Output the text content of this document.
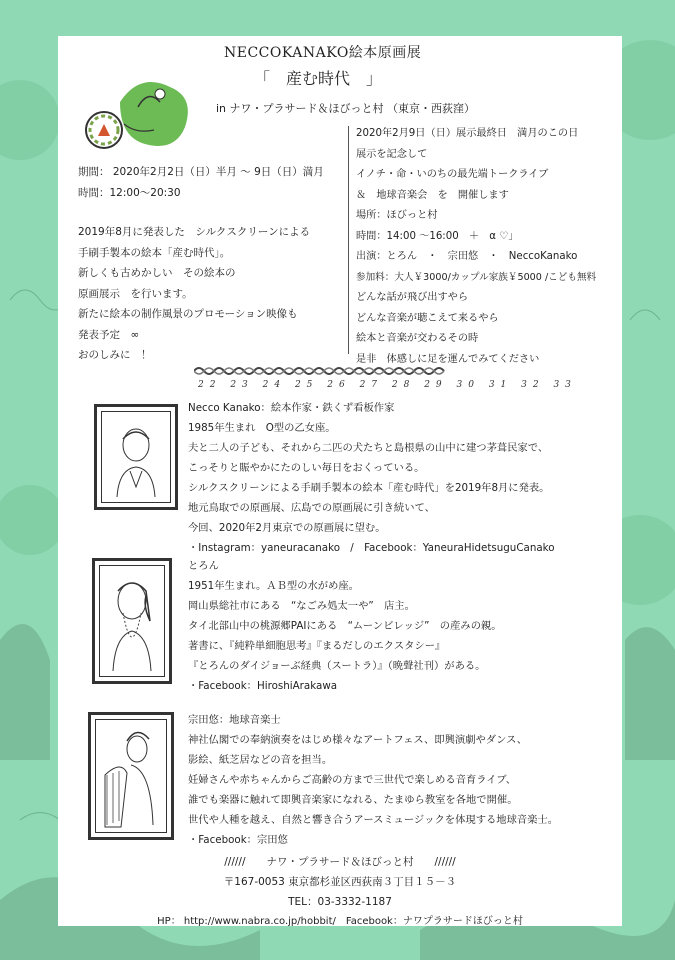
NECCOKANAKO絵本原画展
「　産む時代　」
in ナワ・プラサード＆ほびっと村 （東京・西荻窪）
期間： 2020年2月2日（日）半月 〜 9日（日）満月
時間：12:00〜20:30
2019年8月に発表した　シルクスクリーンによる
手刷手製本の絵本「産む時代」。
新しくも古めかしい　その絵本の
原画展示　を行います。
新たに絵本の制作風景のプロモーション映像も
発表予定　∞
おのしみに　！
2020年2月9日（日）展示最終日　満月のこの日
展示を記念して
イノチ・命・いのちの最先端トークライブ
＆　地球音楽会　を　開催します
場所：ほびっと村
時間：14:00 〜16:00　＋　α ♡」
出演：とろん　・　宗田悠　・　NeccoKanako
参加料：大人￥3000/カップル家族￥5000 /こども無料
どんな話が飛び出すやら
どんな音楽が聴こえて来るやら
絵本と音楽が交わるその時
是非　体感しに足を運んでみてください
22 23 24 25 26 27 28 29 30 31 32 33
Necco Kanako：絵本作家・鉄くず看板作家
1985年生まれ　O型の乙女座。
夫と二人の子ども、それから二匹の犬たちと島根県の山中に建つ茅葺民家で、
こっそりと賑やかにたのしい毎日をおくっている。
シルクスクリーンによる手刷手製本の絵本「産む時代」を2019年8月に発表。
地元鳥取での原画展、広島での原画展に引き続いて、
今回、2020年2月東京での原画展に望む。
・Instagram：yaneuracanako　/　Facebook：YaneuraHidetsuguCanako
とろん
1951年生まれ。ＡＢ型の水がめ座。
岡山県総社市にある　“なごみ処太一や”　店主。
タイ北部山中の桃源郷PAIにある　“ムーンビレッジ”　の産みの親。
著書に、『純粋単細胞思考』『まるだしのエクスタシー』
『とろんのダイジョーぶ経典（スートラ）』（晩聲社刊）がある。
・Facebook：HiroshiArakawa
宗田悠：地球音楽士
神社仏閣での奉納演奏をはじめ様々なアートフェス、即興演劇やダンス、
影絵、紙芝居などの音を担当。
妊婦さんや赤ちゃんからご高齢の方まで三世代で楽しめる音育ライブ、
誰でも楽器に触れて即興音楽家になれる、たまゆら教室を各地で開催。
世代や人種を越え、自然と響き合うアースミュージックを体現する地球音楽士。
・Facebook：宗田悠
//////　　ナワ・プラサード＆ほびっと村　　//////
〒167-0053 東京都杉並区西荻南３丁目１５－３
TEL：03-3332-1187
HP： http://www.nabra.co.jp/hobbit/　Facebook：ナワプラサードほびっと村
